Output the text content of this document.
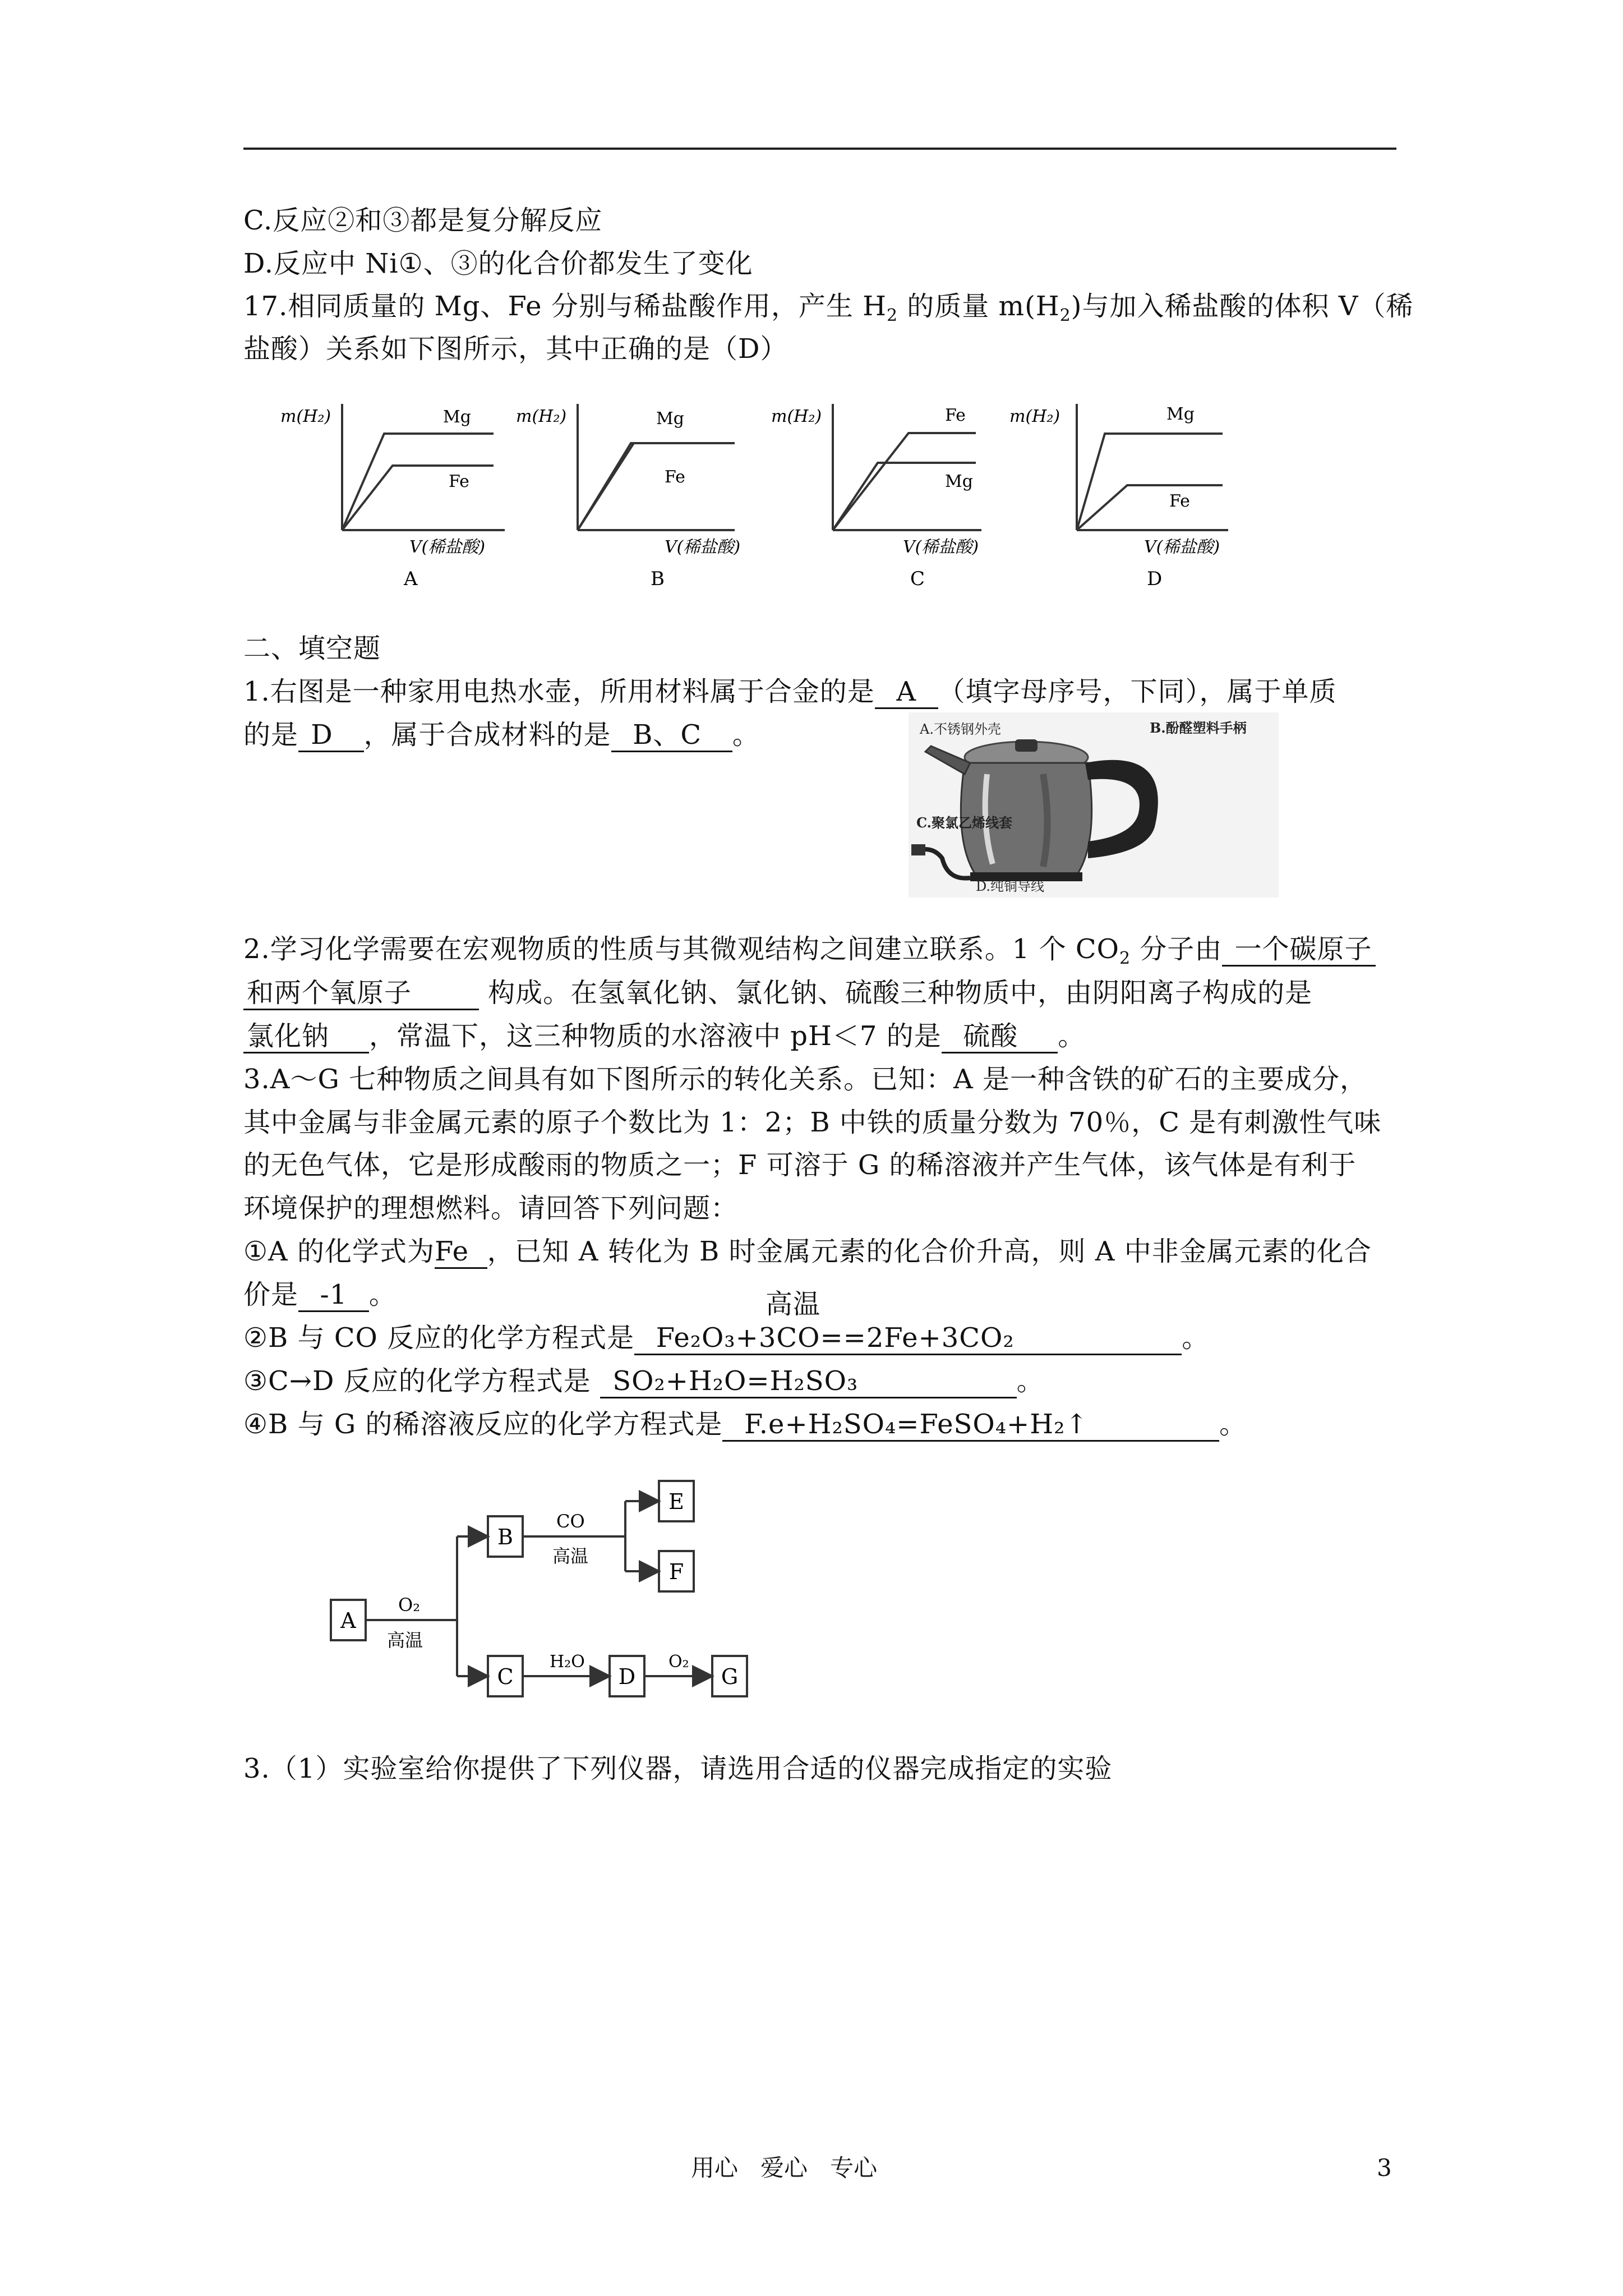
C.反应②和③都是复分解反应
D.反应中 Ni①、③的化合价都发生了变化
17.相同质量的 Mg、Fe 分别与稀盐酸作用，产生 $H_2$ 的质量 $m(H_2)$与加入稀盐酸的体积 V（稀
盐酸）关系如下图所示，其中正确的是（D）
m(H₂)	Mg
Fe
V(稀盐酸)
A
m(H₂)	Mg
Fe
V(稀盐酸)
B
m(H₂)	Fe
Mg
V(稀盐酸)
C
m(H₂)	Mg
Fe
V(稀盐酸)
D
二、填空题
1.右图是一种家用电热水壶，所用材料属于合金的是  A  （填字母序号，下同），属于单质
的是 D   ，属于合成材料的是  B、C   。	A.不锈钢外壳	B.酚醛塑料手柄
C.聚氯乙烯线套
D.纯铜导线
2.学习化学需要在宏观物质的性质与其微观结构之间建立联系。1 个 $CO_2$ 分子由 一个碳原子
和两个氧原子        构成。在氢氧化钠、氯化钠、硫酸三种物质中，由阴阳离子构成的是
氯化钠    ，常温下，这三种物质的水溶液中 pH＜7 的是  硫酸    。
3.A～G 七种物质之间具有如下图所示的转化关系。已知：A 是一种含铁的矿石的主要成分，
其中金属与非金属元素的原子个数比为 1：2；B 中铁的质量分数为 70％，C 是有刺激性气味
的无色气体，它是形成酸雨的物质之一；F 可溶于 G 的稀溶液并产生气体，该气体是有利于
环境保护的理想燃料。请回答下列问题：
①A 的化学式为Fe  ，已知 A 转化为 B 时金属元素的化合价升高，则 A 中非金属元素的化合
价是  -1  。	高温
②B 与 CO 反应的化学方程式是  Fe₂O₃+3CO==2Fe+3CO₂                  。
③C→D 反应的化学方程式是  SO₂+H₂O=H₂SO₃                 。
④B 与 G 的稀溶液反应的化学方程式是  F.e+H₂SO₄=FeSO₄+H₂↑              。
A
B
C	D
E
F
G
O₂
高温
CO
高温
H₂O	O₂
3.（1）实验室给你提供了下列仪器，请选用合适的仪器完成指定的实验
用心   爱心   专心	3
